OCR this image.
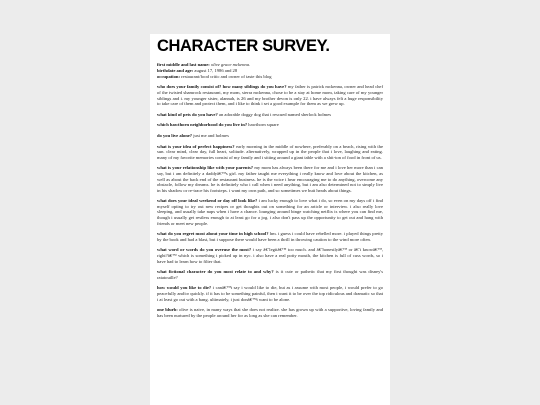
CHARACTER SURVEY.
first middle and last name: olive grace mckenna.
birthdate and age: august 17, 1986 and 28
occupation: restaurant/food critic and owner of taste this blog

who does your family consist of? how many siblings do you have? my father is patrick mckenna, owner and head chef of the twisted shamrock restaurant, my mom, sierra mckenna, chose to be a stay at home mom, taking care of my younger siblings and i. my younger sister, alannah, is 26 and my brother devon is only 22. i have always felt a huge responsibility to take care of them and protect them, and i like to think i set a good example for them as we grew up.

what kind of pets do you have? an adorable doggy dog that i rescued named sherlock holmes

which hawthorn neighborhood do you live in? hawthorn square

do you live alone? just me and holmes

what is your idea of perfect happiness? early morning in the middle of nowhere, preferably on a beach, rising with the sun. clear mind, clear day, full heart, solitude. alternatively, wrapped up in the people that i love, laughing and eating. many of my favorite memories consist of my family and i sitting around a giant table with a shit-ton of food in front of us.

what is your relationship like with your parents? my mom has always been there for me and i love her more than i can say, but i am definitely a daddyâ€™s girl. my father taught me everything i really know and love about the kitchen, as well as about the back end of the restaurant business. he is the voice i hear encouraging me to do anything, overcome any obstacle, follow my dreams. he is definitely who i call when i need anything, but i am also determined not to simply live in his shadow or re-trace his footsteps. i want my own path, and so sometimes we butt heads about things.

what does your ideal weekend or day off look like? i am lucky enough to love what i do, so even on my days off i find myself opting to try out new recipes or get thoughts out on something for an article or interview. i also really love sleeping, and usually take naps when i have a chance. lounging around binge watching netflix is where you can find me, though i usually get restless enough to at least go for a jog. i also don't pass up the opportunity to get out and hang with friends or meet new people.

what do you regret most about your time in high school? hm. i guess i could have rebelled more. i played things pretty by the book and had a blast, but i suppose there would have been a thrill in throwing caution to the wind more often.

what word or words do you overuse the most? i say â€˜legitâ€™ too much. and â€˜honestlyâ€™ or â€˜i knowâ€™, right?â€™ which is something i picked up in nyc. i also have a real potty mouth, the kitchen is full of cuss words, so i have had to learn how to filter that.

what fictional character do you most relate to and why? is it cute or pathetic that my first thought was disney's ratatouille?

how would you like to die? i canâ€™t say i would like to die, but as i assume with most people, i would prefer to go peacefully and/or quickly. if it has to be something painful, then i want it to be over the top ridiculous and dramatic so that i at least go out with a bang. ultimately, i just donâ€™t want to be alone.

one blurb: olive is naive, in many ways that she does not realize. she has grown up with a supportive, loving family and has been nurtured by the people around her for as long as she can remember.
